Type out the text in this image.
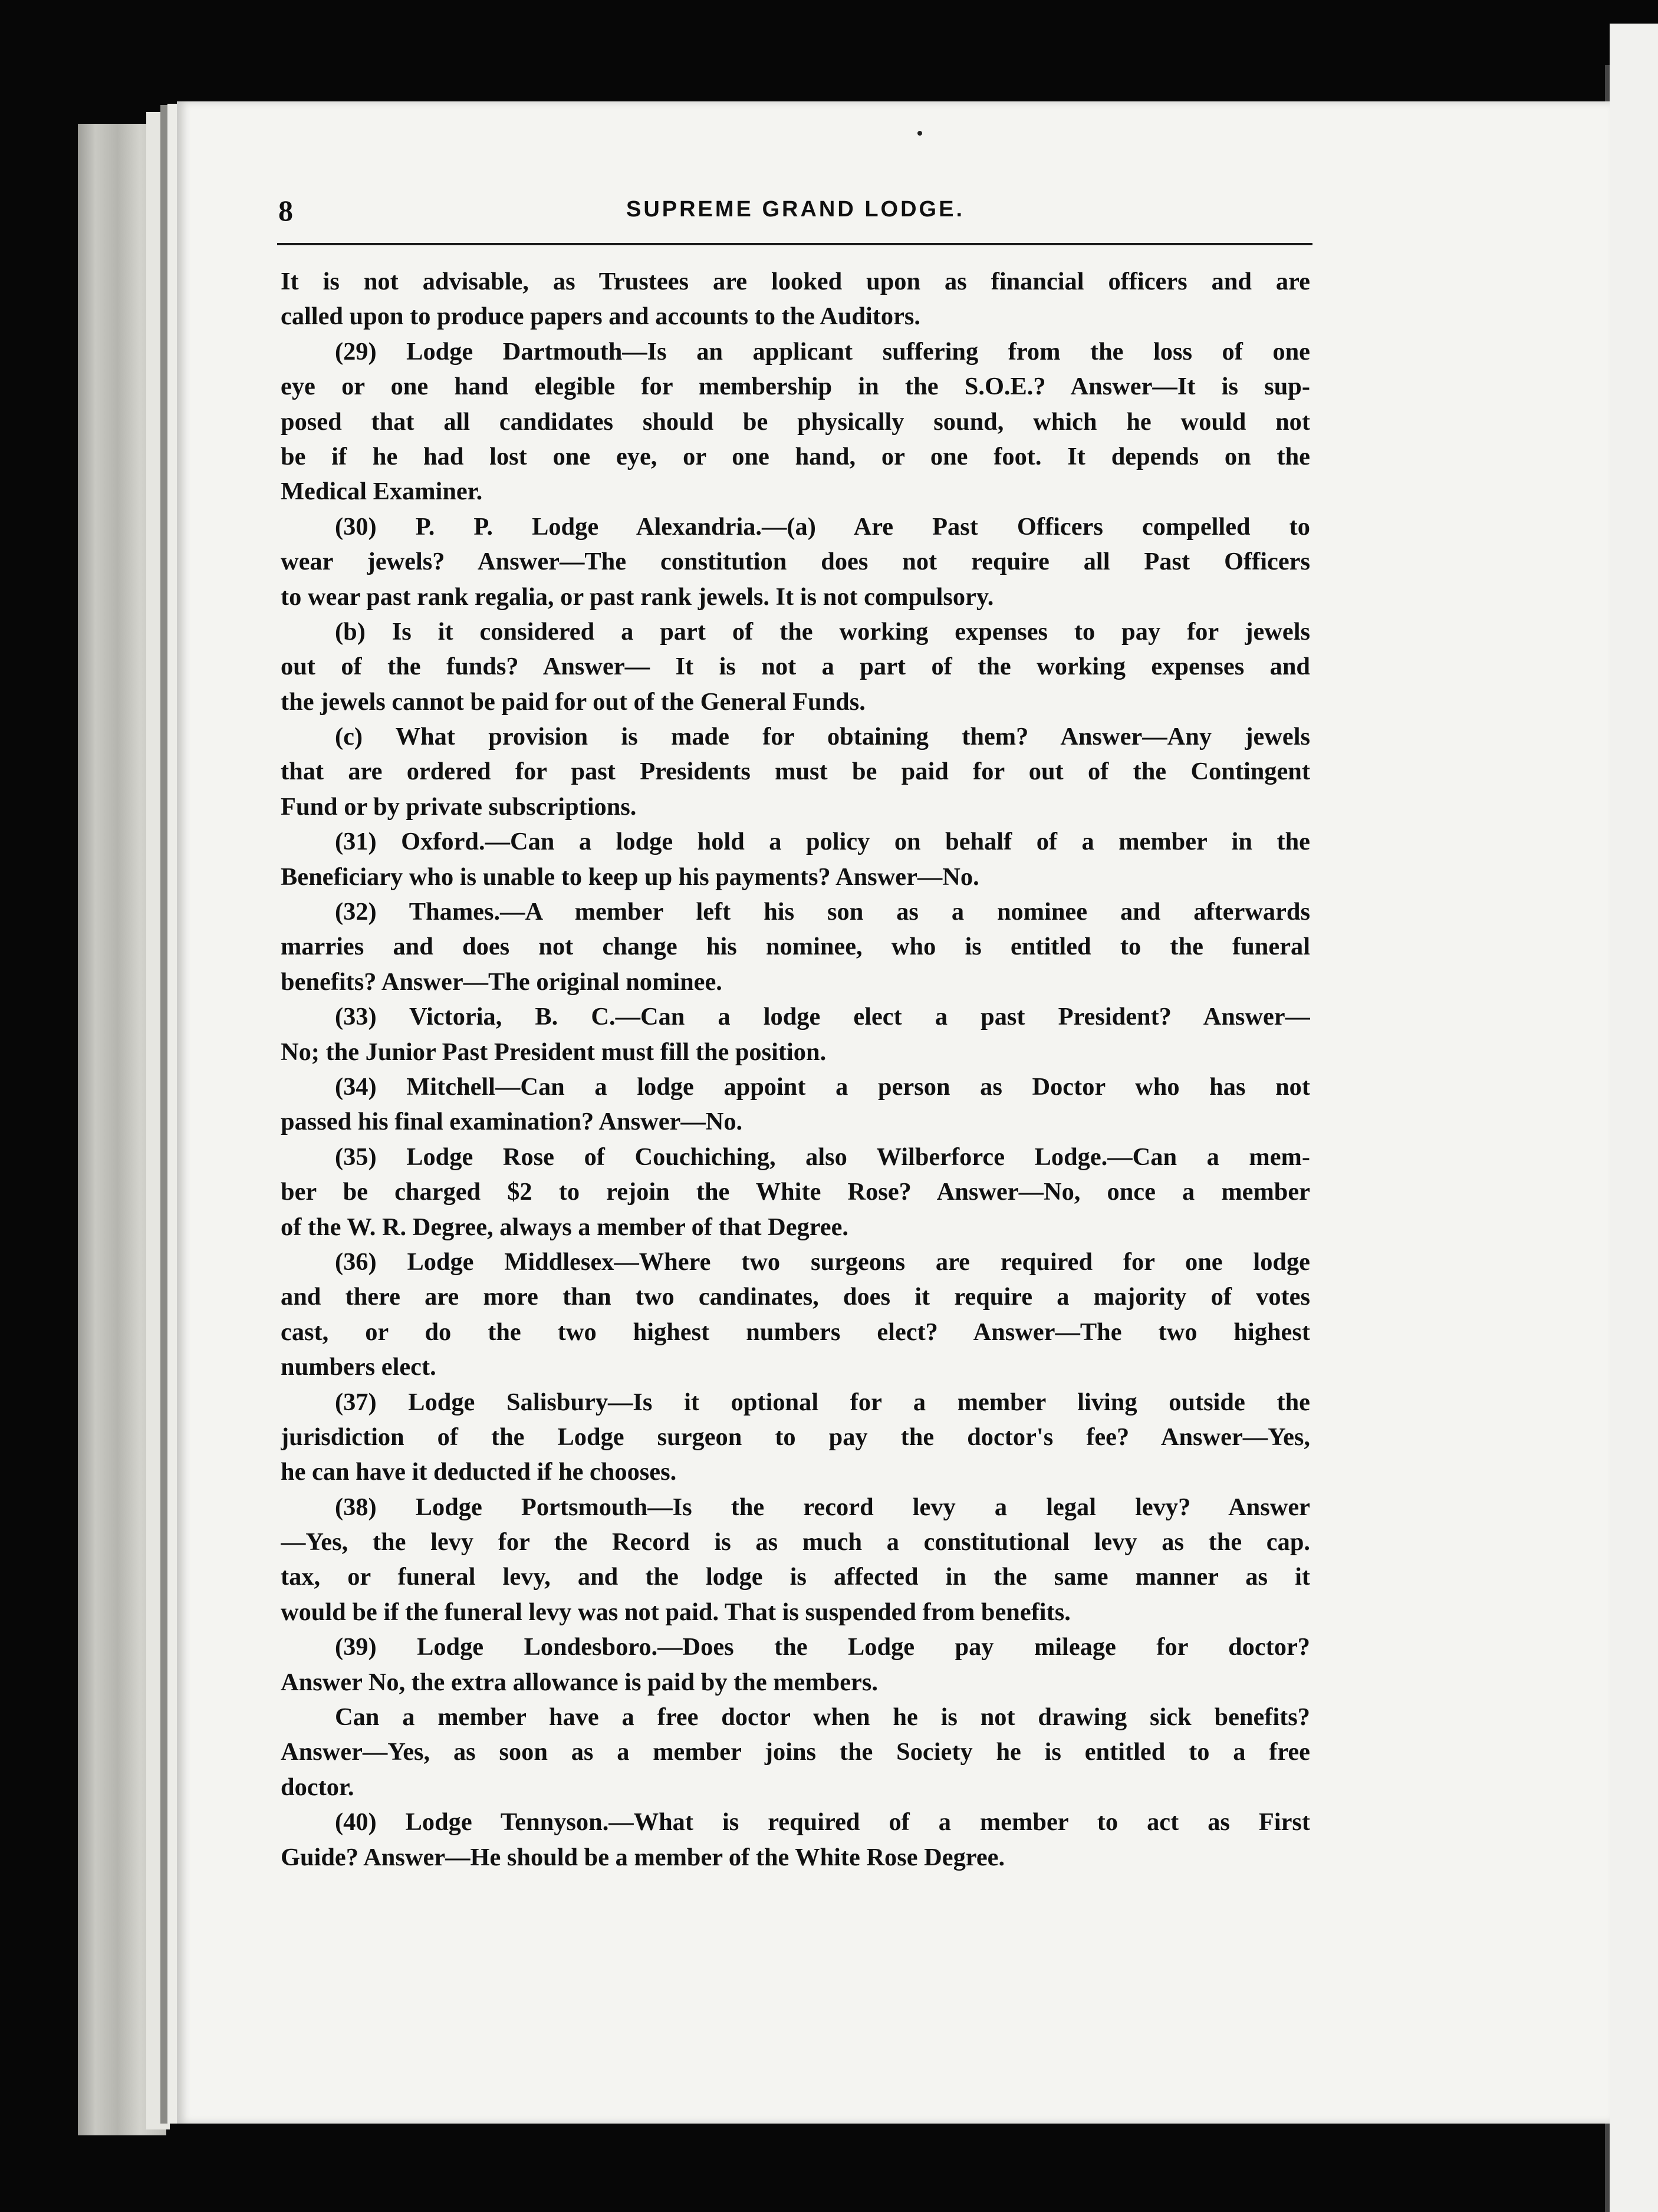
8	SUPREME GRAND LODGE.
It is not advisable, as Trustees are looked upon as financial officers and are
called upon to produce papers and accounts to the Auditors.
(29) Lodge Dartmouth—Is an applicant suffering from the loss of one
eye or one hand elegible for membership in the S.O.E.? Answer—It is sup-
posed that all candidates should be physically sound, which he would not
be if he had lost one eye, or one hand, or one foot. It depends on the
Medical Examiner.
(30) P. P. Lodge Alexandria.—(a) Are Past Officers compelled to
wear jewels? Answer—The constitution does not require all Past Officers
to wear past rank regalia, or past rank jewels. It is not compulsory.
(b) Is it considered a part of the working expenses to pay for jewels
out of the funds? Answer— It is not a part of the working expenses and
the jewels cannot be paid for out of the General Funds.
(c) What provision is made for obtaining them? Answer—Any jewels
that are ordered for past Presidents must be paid for out of the Contingent
Fund or by private subscriptions.
(31) Oxford.—Can a lodge hold a policy on behalf of a member in the
Beneficiary who is unable to keep up his payments? Answer—No.
(32) Thames.—A member left his son as a nominee and afterwards
marries and does not change his nominee, who is entitled to the funeral
benefits? Answer—The original nominee.
(33) Victoria, B. C.—Can a lodge elect a past President? Answer—
No; the Junior Past President must fill the position.
(34) Mitchell—Can a lodge appoint a person as Doctor who has not
passed his final examination? Answer—No.
(35) Lodge Rose of Couchiching, also Wilberforce Lodge.—Can a mem-
ber be charged $2 to rejoin the White Rose? Answer—No, once a member
of the W. R. Degree, always a member of that Degree.
(36) Lodge Middlesex—Where two surgeons are required for one lodge
and there are more than two candinates, does it require a majority of votes
cast, or do the two highest numbers elect? Answer—The two highest
numbers elect.
(37) Lodge Salisbury—Is it optional for a member living outside the
jurisdiction of the Lodge surgeon to pay the doctor's fee? Answer—Yes,
he can have it deducted if he chooses.
(38) Lodge Portsmouth—Is the record levy a legal levy? Answer
—Yes, the levy for the Record is as much a constitutional levy as the cap.
tax, or funeral levy, and the lodge is affected in the same manner as it
would be if the funeral levy was not paid. That is suspended from benefits.
(39) Lodge Londesboro.—Does the Lodge pay mileage for doctor?
Answer No, the extra allowance is paid by the members.
Can a member have a free doctor when he is not drawing sick benefits?
Answer—Yes, as soon as a member joins the Society he is entitled to a free
doctor.
(40) Lodge Tennyson.—What is required of a member to act as First
Guide? Answer—He should be a member of the White Rose Degree.
